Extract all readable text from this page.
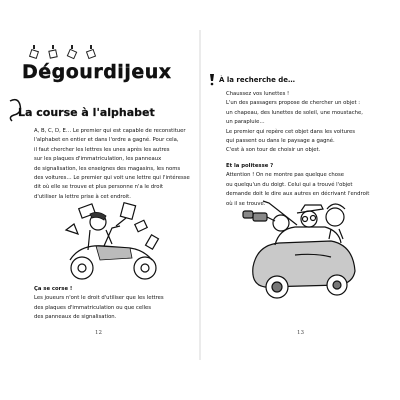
Dégourdijeux
La course à l'alphabet

A, B, C, D, E… Le premier qui est capable de reconstituer

l'alphabet en entier et dans l'ordre a gagné. Pour cela,

il faut chercher les lettres les unes après les autres

sur les plaques d'immatriculation, les panneaux

de signalisation, les enseignes des magasins, les noms

des voitures… Le premier qui voit une lettre qui l'intéresse

dit où elle se trouve et plus personne n'a le droit

d'utiliser la lettre prise à cet endroit.

Ça se corse !

Les joueurs n'ont le droit d'utiliser que les lettres

des plaques d'immatriculation ou que celles

des panneaux de signalisation.

12
À la recherche de…

Chaussez vos lunettes !

L'un des passagers propose de chercher un objet :

un chapeau, des lunettes de soleil, une moustache,

un parapluie…

Le premier qui repère cet objet dans les voitures

qui passent ou dans le paysage a gagné.

C'est à son tour de choisir un objet.

Et la politesse ?

Attention ! On ne montre pas quelque chose

ou quelqu'un du doigt. Celui qui a trouvé l'objet

demande doit le dire aux autres en décrivant l'endroit

où il se trouve.

13
